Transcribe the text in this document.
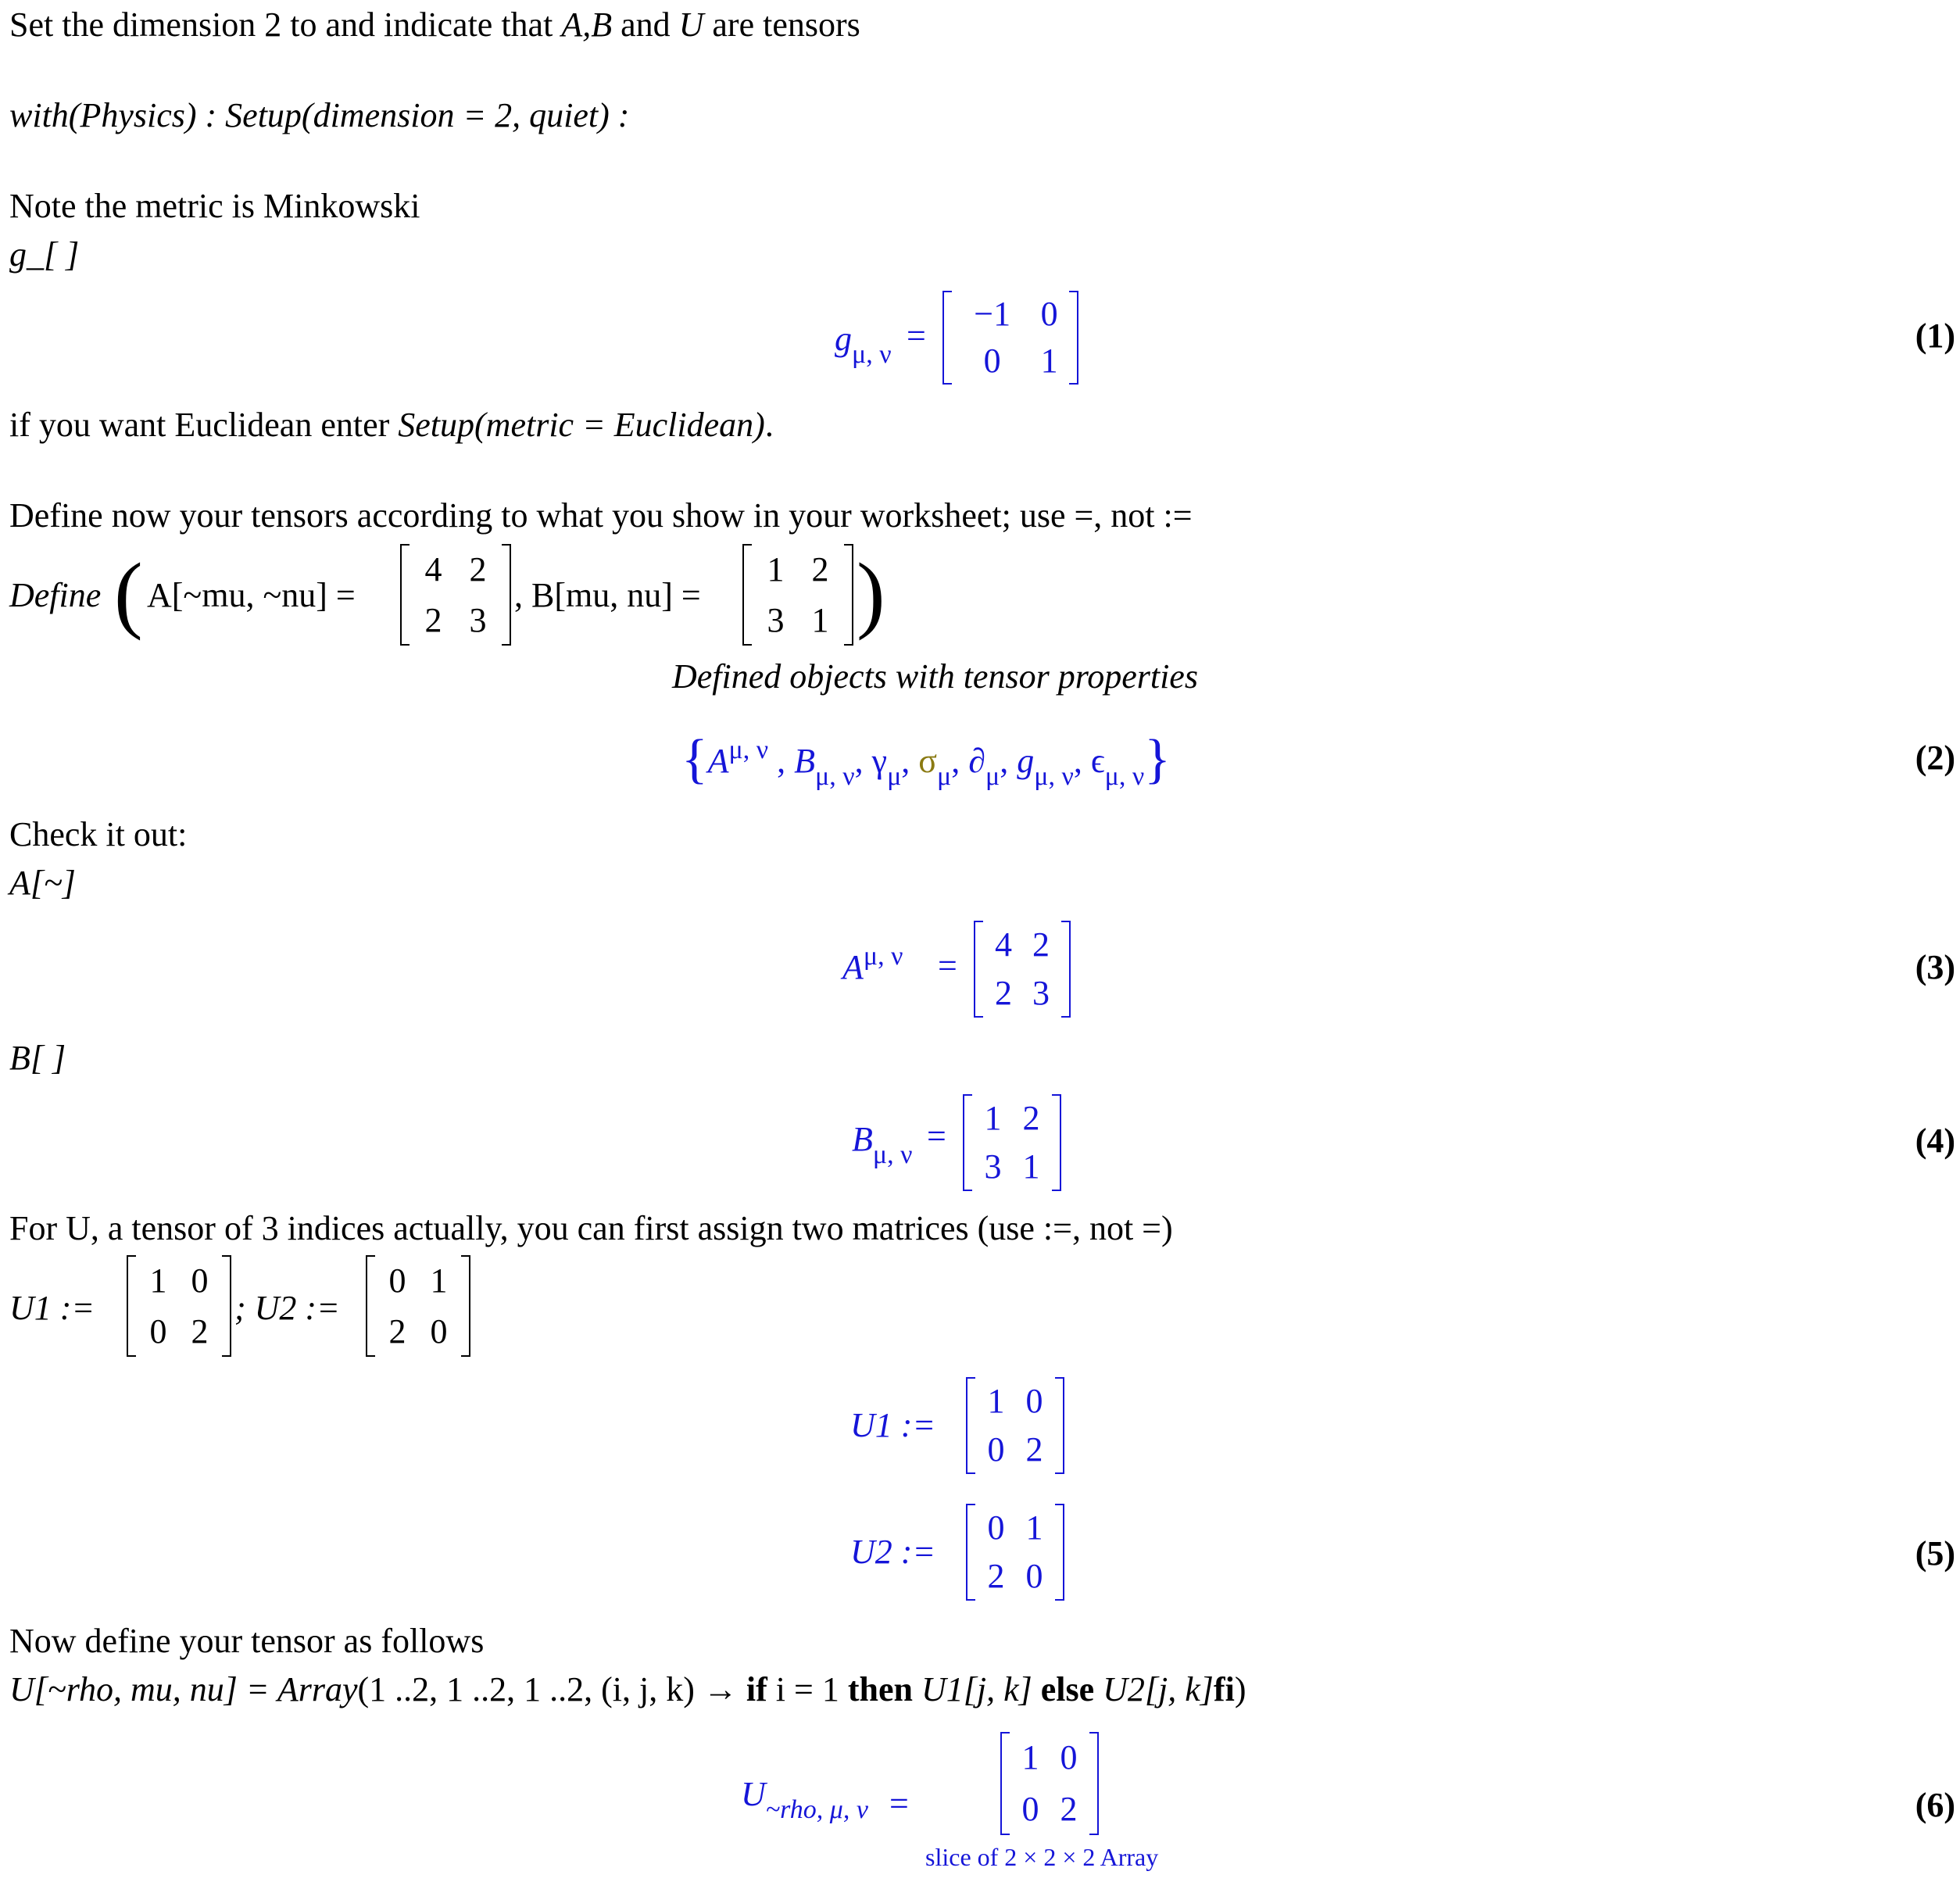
Set the dimension 2 to and indicate that A,B and U are tensors
with(Physics) : Setup(dimension = 2, quiet) :
Note the metric is Minkowski
g_[ ]
$g_{\mu, \nu}$ =
−1	0
0	1
(1)
if you want Euclidean enter Setup(metric = Euclidean).
Define now your tensors according to what you show in your worksheet; use =, not :=
Define ( A[~mu, ~nu] =
4	2
2	3
, B[mu, nu] =
1	2
3	1 )
Defined objects with tensor properties
{$A^{\mu, \nu}$ , $B_{\mu, \nu}$, $\gamma_\mu$, $\sigma_\mu$, $\partial_\mu$, $g_{\mu, \nu}$, $\epsilon_{\mu, \nu}$}	(2)
Check it out:
A[~]
$A^{\mu, \nu}$ =
4	2
2	3
(3)
B[ ]
$B_{\mu, \nu} = 1$	2
3	1
(4)
For U, a tensor of 3 indices actually, you can first assign two matrices (use :=, not =)
U1 :=
1	0
0	2
; U2 :=
0	1
2	0
U1 :=
1	0
0	2
U2 :=
0	1
2	0
(5)
Now define your tensor as follows
U[~rho, mu, nu] = Array(1 ..2, 1 ..2, 1 ..2, (i, j, k) → if i = 1 then U1[j, k] else U2[j, k]fi)
$U_{\sim rho, \mu, \nu}$ =
1	0
0	2
slice of 2 × 2 × 2 Array
(6)
